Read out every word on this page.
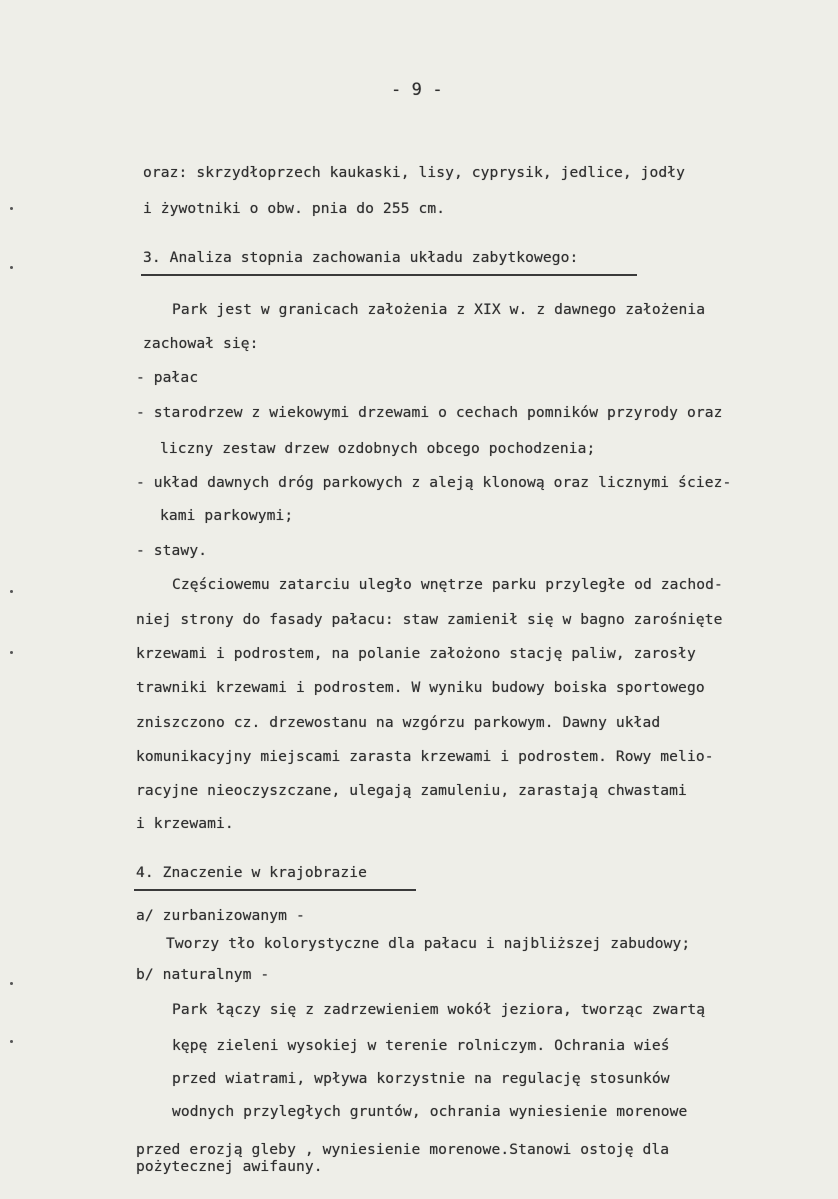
- 9 -
oraz: skrzydłoprzech kaukaski, lisy, cyprysik, jedlice, jodły
i żywotniki o obw. pnia do 255 cm.
3. Analiza stopnia zachowania układu zabytkowego:
Park jest w granicach założenia z XIX w. z dawnego założenia
zachował się:
- pałac
- starodrzew z wiekowymi drzewami o cechach pomników przyrody oraz
liczny zestaw drzew ozdobnych obcego pochodzenia;
- układ dawnych dróg parkowych z aleją klonową oraz licznymi ściez-
kami parkowymi;
- stawy.
Częściowemu zatarciu uległo wnętrze parku przyległe od zachod-
niej strony do fasady pałacu: staw zamienił się w bagno zarośnięte
krzewami i podrostem, na polanie założono stację paliw, zarosły
trawniki krzewami i podrostem. W wyniku budowy boiska sportowego
zniszczono cz. drzewostanu na wzgórzu parkowym. Dawny układ
komunikacyjny miejscami zarasta krzewami i podrostem. Rowy melio-
racyjne nieoczyszczane, ulegają zamuleniu, zarastają chwastami
i krzewami.
4. Znaczenie w krajobrazie
a/ zurbanizowanym -
Tworzy tło kolorystyczne dla pałacu i najbliższej zabudowy;
b/ naturalnym -
Park łączy się z zadrzewieniem wokół jeziora, tworząc zwartą
kępę zieleni wysokiej w terenie rolniczym. Ochrania wieś
przed wiatrami, wpływa korzystnie na regulację stosunków
wodnych przyległych gruntów, ochrania wyniesienie morenowe
przed erozją gleby , wyniesienie morenowe.Stanowi ostoję dla
pożytecznej awifauny.
